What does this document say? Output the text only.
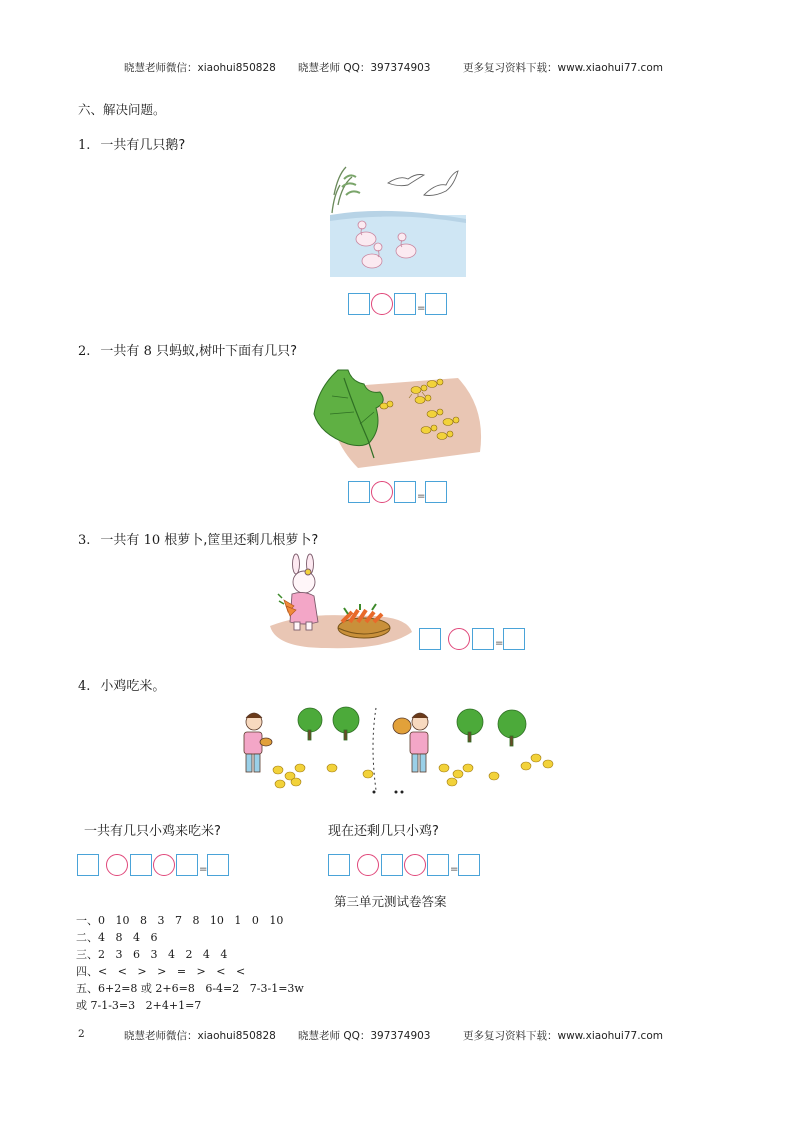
晓慧老师微信：xiaohui850828 晓慧老师 QQ：397374903	更多复习资料下载：www.xiaohui77.com
六、解决问题。
1. 一共有几只鹅?
=
2. 一共有 8 只蚂蚁,树叶下面有几只?
=
3. 一共有 10 根萝卜,筐里还剩几根萝卜?
=
4. 小鸡吃米。
一共有几只小鸡来吃米?	现在还剩几只小鸡?
=	=
第三单元测试卷答案
一、0   10   8   3   7   8   10   1   0   10
二、4   8   4   6
三、2   3   6   3   4   2   4   4
四、<   <   >   >   =   >   <   <
五、6+2=8 或 2+6=8   6-4=2   7-3-1=3w
或 7-1-3=3   2+4+1=7
2	晓慧老师微信：xiaohui850828 晓慧老师 QQ：397374903	更多复习资料下载：www.xiaohui77.com
